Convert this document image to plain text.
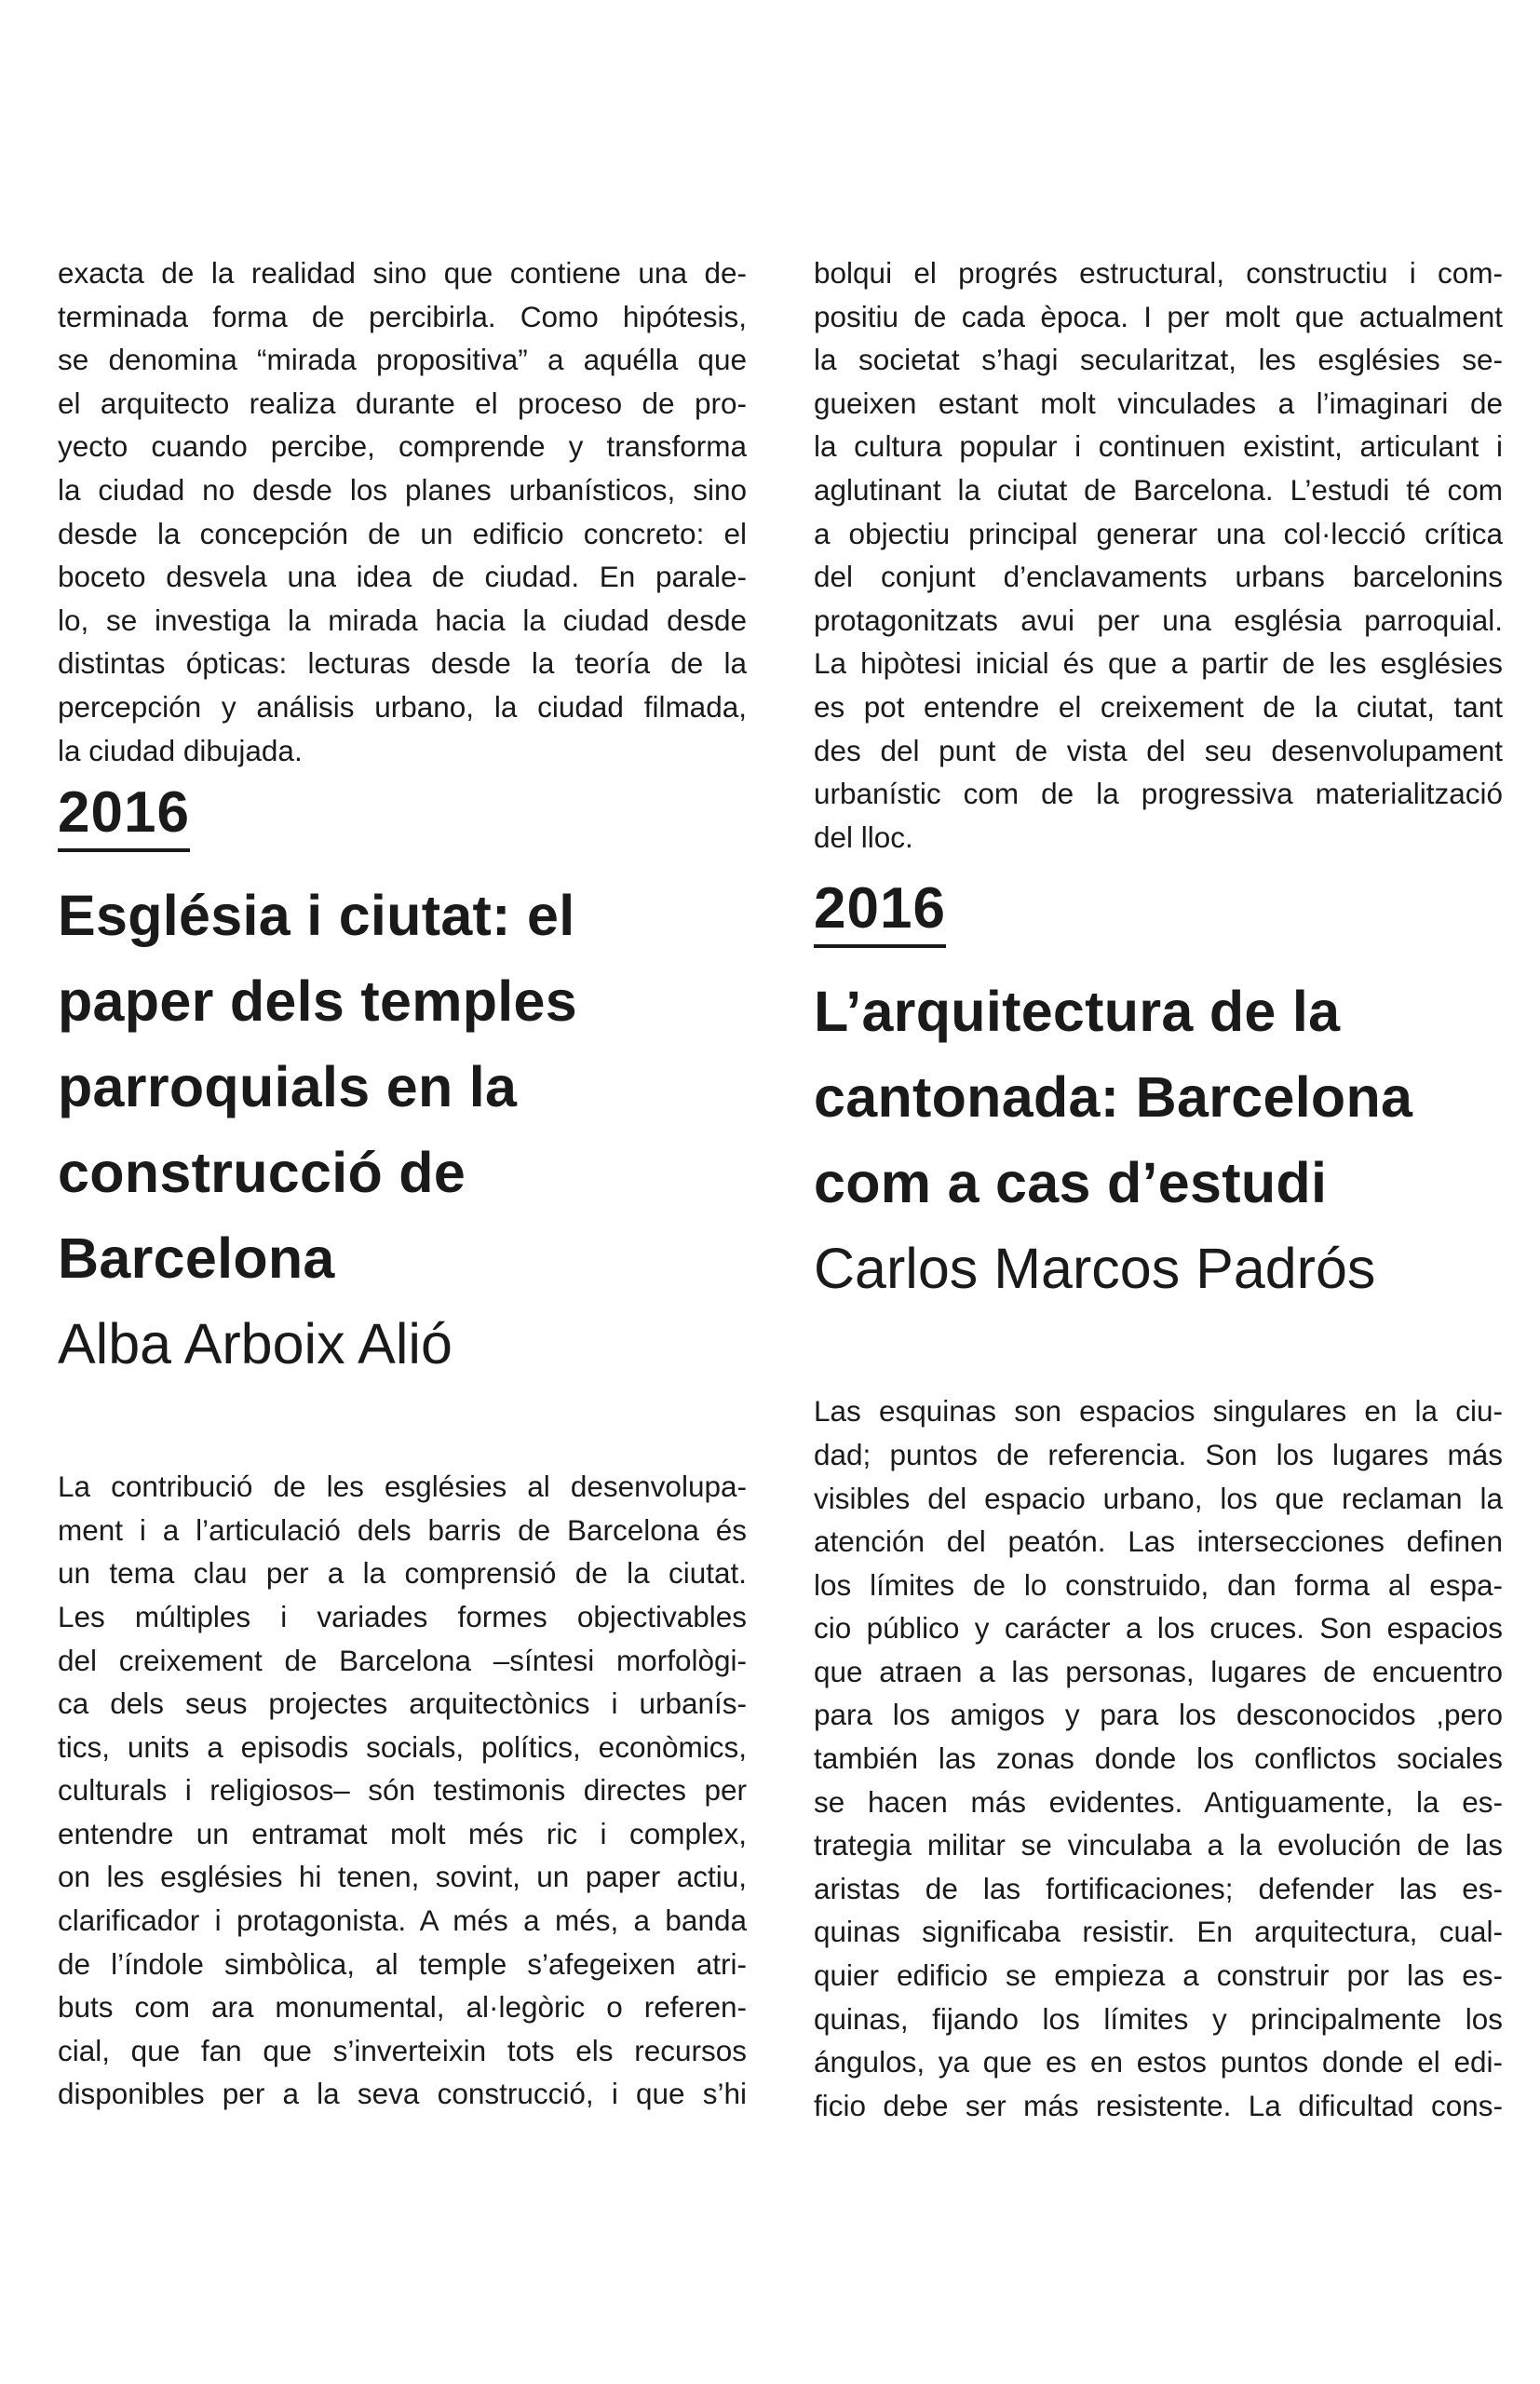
exacta de la realidad sino que contiene una de-
terminada forma de percibirla. Como hipótesis,
se denomina “mirada propositiva” a aquélla que
el arquitecto realiza durante el proceso de pro-
yecto cuando percibe, comprende y transforma
la ciudad no desde los planes urbanísticos, sino
desde la concepción de un edificio concreto: el
boceto desvela una idea de ciudad. En parale-
lo, se investiga la mirada hacia la ciudad desde
distintas ópticas: lecturas desde la teoría de la
percepción y análisis urbano, la ciudad filmada,
la ciudad dibujada.
2016
Església i ciutat: el
paper dels temples
parroquials en la
construcció de
Barcelona
Alba Arboix Alió
La contribució de les esglésies al desenvolupa-
ment i a l’articulació dels barris de Barcelona és
un tema clau per a la comprensió de la ciutat.
Les múltiples i variades formes objectivables
del creixement de Barcelona –síntesi morfològi-
ca dels seus projectes arquitectònics i urbanís-
tics, units a episodis socials, polítics, econòmics,
culturals i religiosos– són testimonis directes per
entendre un entramat molt més ric i complex,
on les esglésies hi tenen, sovint, un paper actiu,
clarificador i protagonista. A més a més, a banda
de l’índole simbòlica, al temple s’afegeixen atri-
buts com ara monumental, al·legòric o referen-
cial, que fan que s’inverteixin tots els recursos
disponibles per a la seva construcció, i que s’hi
bolqui el progrés estructural, constructiu i com-
positiu de cada època. I per molt que actualment
la societat s’hagi secularitzat, les esglésies se-
gueixen estant molt vinculades a l’imaginari de
la cultura popular i continuen existint, articulant i
aglutinant la ciutat de Barcelona. L’estudi té com
a objectiu principal generar una col·lecció crítica
del conjunt d’enclavaments urbans barcelonins
protagonitzats avui per una església parroquial.
La hipòtesi inicial és que a partir de les esglésies
es pot entendre el creixement de la ciutat, tant
des del punt de vista del seu desenvolupament
urbanístic com de la progressiva materialització
del lloc.
2016
L’arquitectura de la
cantonada: Barcelona
com a cas d’estudi
Carlos Marcos Padrós
Las esquinas son espacios singulares en la ciu-
dad; puntos de referencia. Son los lugares más
visibles del espacio urbano, los que reclaman la
atención del peatón. Las intersecciones definen
los límites de lo construido, dan forma al espa-
cio público y carácter a los cruces. Son espacios
que atraen a las personas, lugares de encuentro
para los amigos y para los desconocidos ,pero
también las zonas donde los conflictos sociales
se hacen más evidentes. Antiguamente, la es-
trategia militar se vinculaba a la evolución de las
aristas de las fortificaciones; defender las es-
quinas significaba resistir. En arquitectura, cual-
quier edificio se empieza a construir por las es-
quinas, fijando los límites y principalmente los
ángulos, ya que es en estos puntos donde el edi-
ficio debe ser más resistente. La dificultad cons-
